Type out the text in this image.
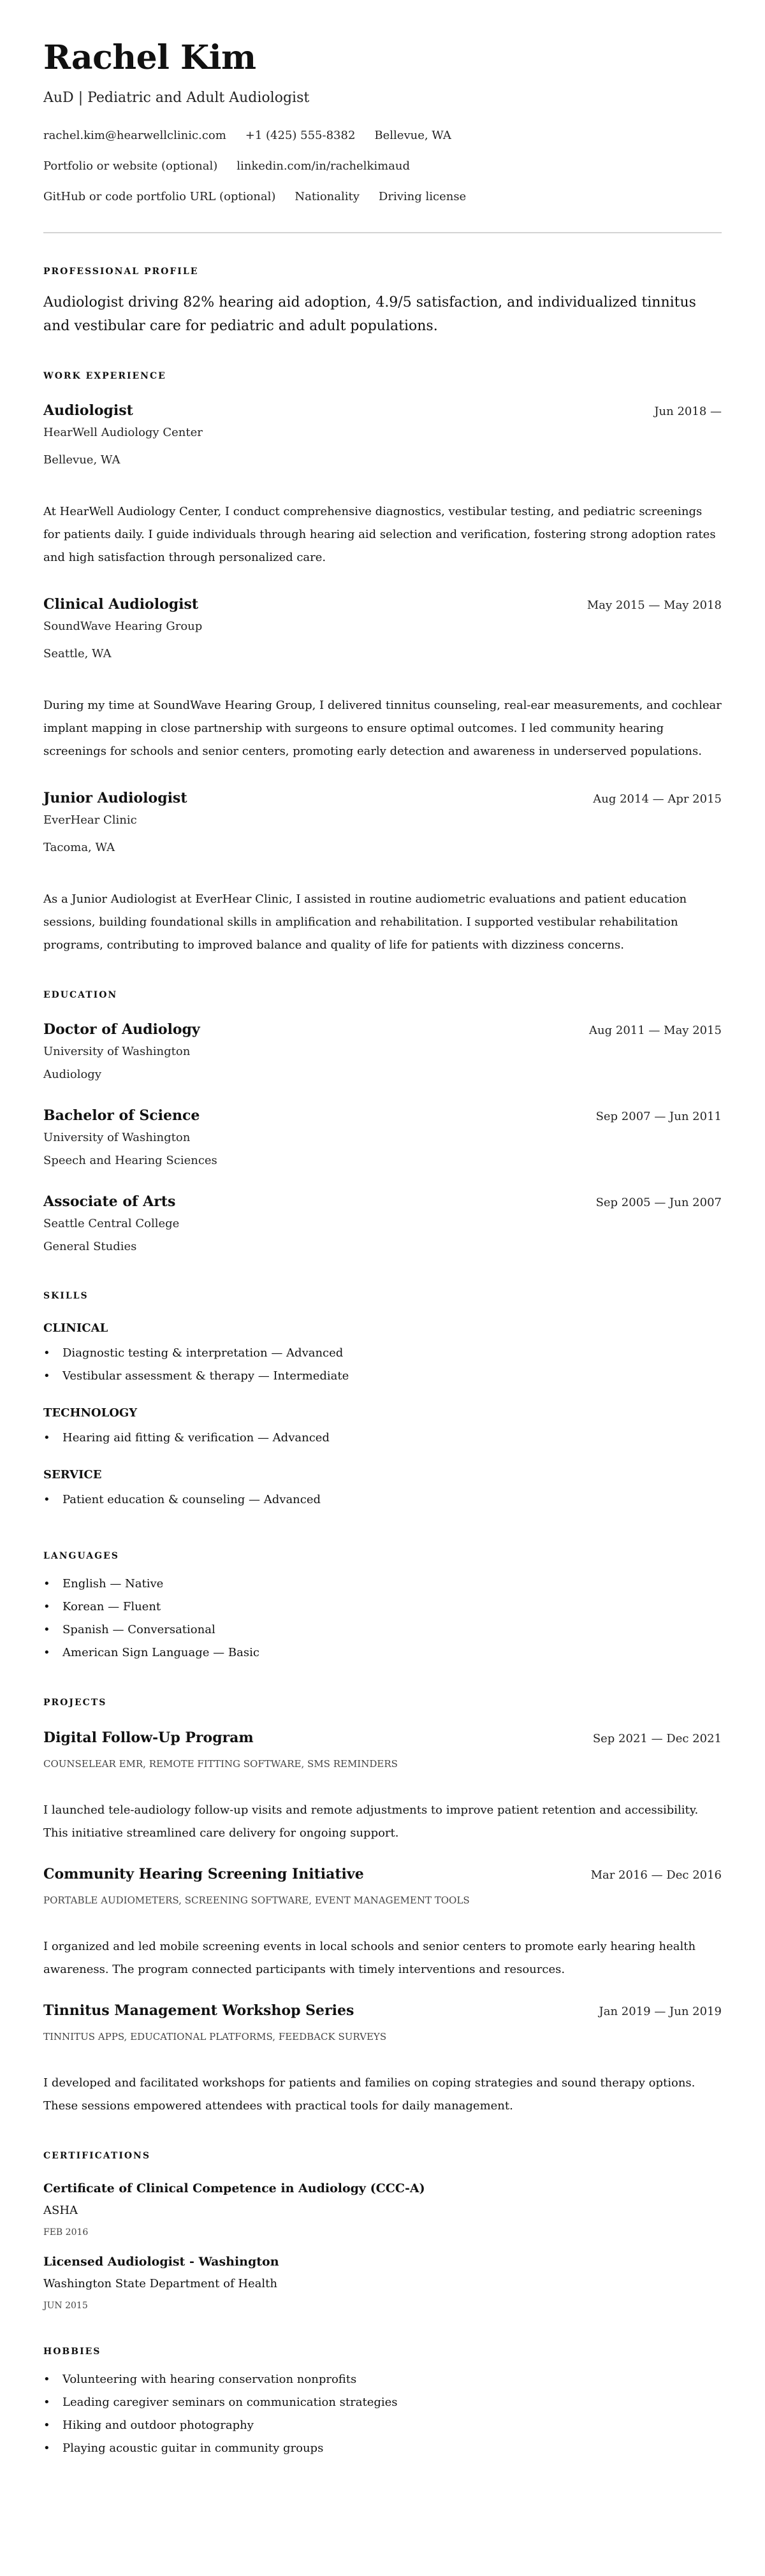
Rachel Kim
AuD | Pediatric and Adult Audiologist
rachel.kim@hearwellclinic.com +1 (425) 555-8382 Bellevue, WA
Portfolio or website (optional) linkedin.com/in/rachelkimaud
GitHub or code portfolio URL (optional) Nationality Driving license
PROFESSIONAL PROFILE

Audiologist driving 82% hearing aid adoption, 4.9/5 satisfaction, and individualized tinnitus and vestibular care for pediatric and adult populations.

WORK EXPERIENCE
Audiologist	Jun 2018 —
HearWell Audiology Center
Bellevue, WA
At HearWell Audiology Center, I conduct comprehensive diagnostics, vestibular testing, and pediatric screenings for patients daily. I guide individuals through hearing aid selection and verification, fostering strong adoption rates and high satisfaction through personalized care.
Clinical Audiologist	May 2015 — May 2018
SoundWave Hearing Group
Seattle, WA
During my time at SoundWave Hearing Group, I delivered tinnitus counseling, real-ear measurements, and cochlear implant mapping in close partnership with surgeons to ensure optimal outcomes. I led community hearing screenings for schools and senior centers, promoting early detection and awareness in underserved populations.
Junior Audiologist	Aug 2014 — Apr 2015
EverHear Clinic
Tacoma, WA
As a Junior Audiologist at EverHear Clinic, I assisted in routine audiometric evaluations and patient education sessions, building foundational skills in amplification and rehabilitation. I supported vestibular rehabilitation programs, contributing to improved balance and quality of life for patients with dizziness concerns.
EDUCATION
Doctor of Audiology	Aug 2011 — May 2015
University of Washington
Audiology
Bachelor of Science	Sep 2007 — Jun 2011
University of Washington
Speech and Hearing Sciences
Associate of Arts	Sep 2005 — Jun 2007
Seattle Central College
General Studies
SKILLS
CLINICAL
• Diagnostic testing & interpretation — Advanced
• Vestibular assessment & therapy — Intermediate
TECHNOLOGY
• Hearing aid fitting & verification — Advanced
SERVICE
• Patient education & counseling — Advanced
LANGUAGES
• English — Native
• Korean — Fluent
• Spanish — Conversational
• American Sign Language — Basic
PROJECTS
Digital Follow-Up Program	Sep 2021 — Dec 2021
COUNSELEAR EMR, REMOTE FITTING SOFTWARE, SMS REMINDERS
I launched tele-audiology follow-up visits and remote adjustments to improve patient retention and accessibility. This initiative streamlined care delivery for ongoing support.
Community Hearing Screening Initiative	Mar 2016 — Dec 2016
PORTABLE AUDIOMETERS, SCREENING SOFTWARE, EVENT MANAGEMENT TOOLS
I organized and led mobile screening events in local schools and senior centers to promote early hearing health awareness. The program connected participants with timely interventions and resources.
Tinnitus Management Workshop Series	Jan 2019 — Jun 2019
TINNITUS APPS, EDUCATIONAL PLATFORMS, FEEDBACK SURVEYS
I developed and facilitated workshops for patients and families on coping strategies and sound therapy options. These sessions empowered attendees with practical tools for daily management.
CERTIFICATIONS
Certificate of Clinical Competence in Audiology (CCC-A)
ASHA
FEB 2016
Licensed Audiologist - Washington
Washington State Department of Health
JUN 2015
HOBBIES
• Volunteering with hearing conservation nonprofits
• Leading caregiver seminars on communication strategies
• Hiking and outdoor photography
• Playing acoustic guitar in community groups
